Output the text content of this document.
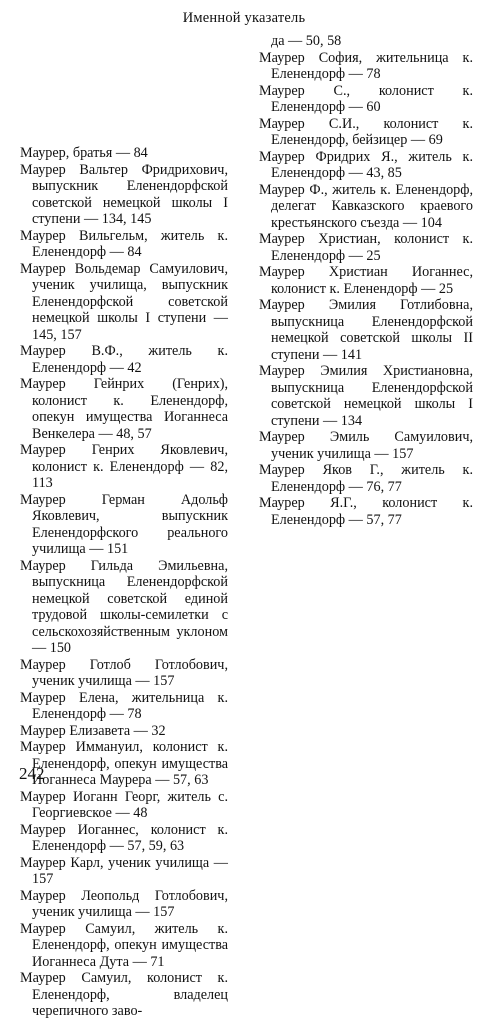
Именной указатель

Маурер, братья — 84

Маурер Вальтер Фридрихович, выпускник Еленендорфской советской немецкой школы I ступени — 134, 145

Маурер Вильгельм, житель к. Еленендорф — 84

Маурер Вольдемар Самуилович, ученик училища, выпускник Еленендорфской советской немецкой школы I ступени — 145, 157

Маурер В.Ф., житель к. Еленендорф — 42

Маурер Гейнрих (Генрих), колонист к. Еленендорф, опекун имущества Иоганнеса Венкелера — 48, 57

Маурер Генрих Яковлевич, колонист к. Еленендорф — 82, 113

Маурер Герман Адольф Яковлевич, выпускник Еленендорфского реального училища — 151

Маурер Гильда Эмильевна, выпускница Еленендорфской немецкой советской единой трудовой школы-семилетки с сельскохозяйственным уклоном — 150

Маурер Готлоб Готлобович, ученик училища — 157

Маурер Елена, жительница к. Еленендорф — 78

Маурер Елизавета — 32

Маурер Иммануил, колонист к. Еленендорф, опекун имущества Иоганнеса Маурера — 57, 63

Маурер Иоганн Георг, житель с. Георгиевское — 48

Маурер Иоганнес, колонист к. Еленендорф — 57, 59, 63

Маурер Карл, ученик училища — 157

Маурер Леопольд Готлобович, ученик училища — 157

Маурер Самуил, житель к. Еленендорф, опекун имущества Иоганнеса Дута — 71

Маурер Самуил, колонист к. Еленендорф, владелец черепичного заво-

да — 50, 58

Маурер София, жительница к. Еленендорф — 78

Маурер С., колонист к. Еленендорф — 60

Маурер С.И., колонист к. Еленендорф, бейзицер — 69

Маурер Фридрих Я., житель к. Еленендорф — 43, 85

Маурер Ф., житель к. Еленендорф, делегат Кавказского краевого крестьянского съезда — 104

Маурер Христиан, колонист к. Еленендорф — 25

Маурер Христиан Иоганнес, колонист к. Еленендорф — 25

Маурер Эмилия Готлибовна, выпускница Еленендорфской немецкой советской школы II ступени — 141

Маурер Эмилия Христиановна, выпускница Еленендорфской советской немецкой школы I ступени — 134

Маурер Эмиль Самуилович, ученик училища — 157

Маурер Яков Г., житель к. Еленендорф — 76, 77

Маурер Я.Г., колонист к. Еленендорф — 57, 77

242
